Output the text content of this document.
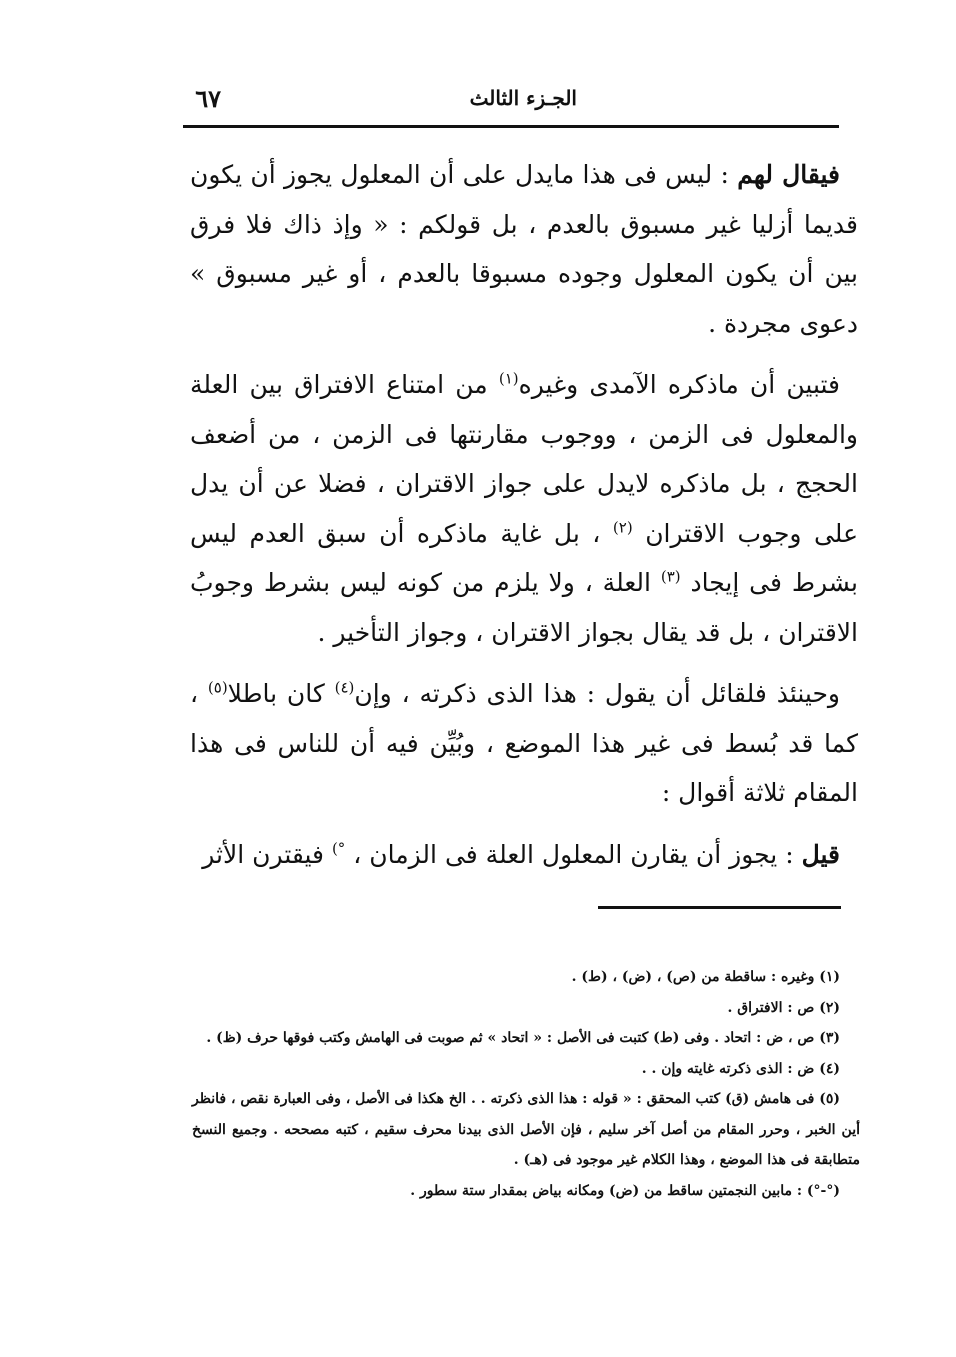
٦٧	الجـزء الثالث

فيقال لهم : ليس فى هذا مايدل على أن المعلول يجوز أن يكون قديما أزليا غير مسبوق بالعدم ، بل قولكم : « وإذ ذاك فلا فرق بين أن يكون المعلول وجوده مسبوقا بالعدم ، أو غير مسبوق » دعوى مجردة .

فتبين أن ماذكره الآمدى وغيره$^{(١)}$ من امتناع الافتراق بين العلة والمعلول فى الزمن ، ووجوب مقارنتها فى الزمن ، من أضعف الحجج ، بل ماذكره لايدل على جواز الاقتران ، فضلا عن أن يدل على وجوب الاقتران $^{(٢)}$ ، بل غاية ماذكره أن سبق العدم ليس بشرط فى إيجاد $^{(٣)}$ العلة ، ولا يلزم من كونه ليس بشرط وجوبُ الاقتران ، بل قد يقال بجواز الاقتران ، وجواز التأخير .

وحينئذ فلقائل أن يقول : هذا الذى ذكرته ، وإن$^{(٤)}$ كان باطلا$^{(٥)}$ ، كما قد بُسط فى غير هذا الموضع ، وبُيِّن فيه أن للناس فى هذا المقام ثلاثة أقوال :

قيل : يجوز أن يقارن المعلول العلة فى الزمان ، °) فيقترن الأثر

(١) وغيره : ساقطة من (ص) ، (ض) ، (ط) .

(٢) ص : الافتراق .

(٣) ص ، ض : اتحاد . وفى (ط) كتبت فى الأصل : « اتحاد » ثم صوبت فى الهامش وكتب فوقها حرف (ظ) .

(٤) ض : الذى ذكرته غايته وإن . .

(٥) فى هامش (ق) كتب المحقق : « قوله : هذا الذى ذكرته . . الخ هكذا فى الأصل ، وفى العبارة نقص ، فانظر أين الخبر ، وحرر المقام من أصل آخر سليم ، فإن الأصل الذى بيدنا محرف سقيم ، كتبه مصححه . وجميع النسخ متطابقة فى هذا الموضع ، وهذا الكلام غير موجود فى (هـ) .

(°-°) : مابين النجمتين ساقط من (ض) ومكانه بياض بمقدار ستة سطور .
